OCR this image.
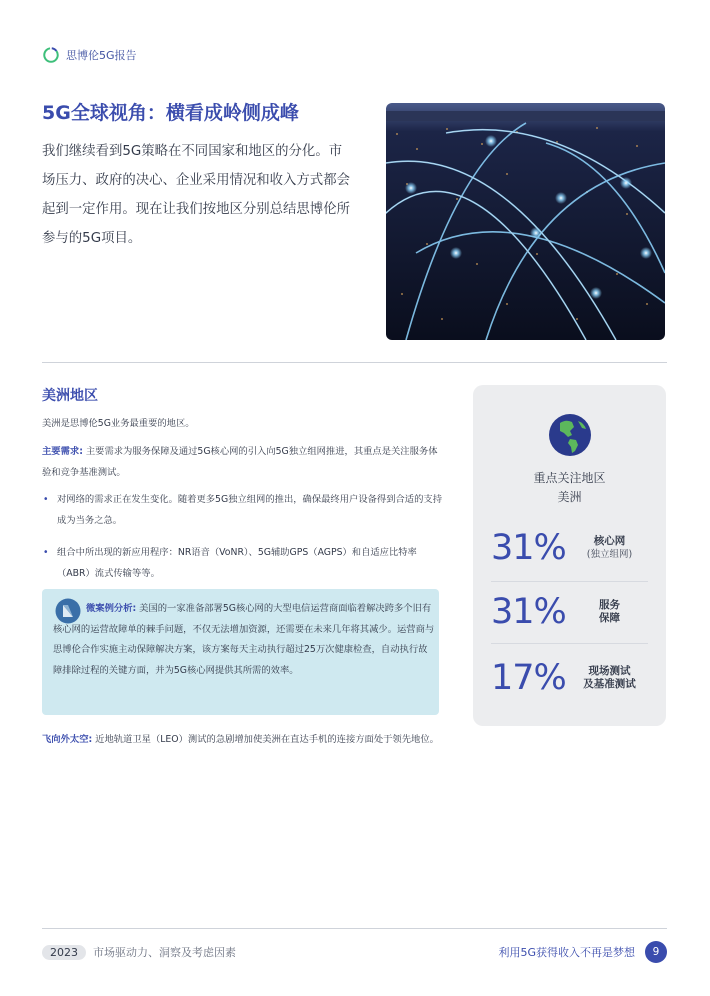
思博伦5G报告
5G全球视角：横看成岭侧成峰

我们继续看到5G策略在不同国家和地区的分化。市场压力、政府的决心、企业采用情况和收入方式都会起到一定作用。现在让我们按地区分别总结思博伦所参与的5G项目。

美洲地区

美洲是思博伦5G业务最重要的地区。

主要需求: 主要需求为服务保障及通过5G核心网的引入向5G独立组网推进，其重点是关注服务体验和竞争基准测试。

• 对网络的需求正在发生变化。随着更多5G独立组网的推出，确保最终用户设备得到合适的支持成为当务之急。
• 组合中所出现的新应用程序：NR语音（VoNR）、5G辅助GPS（AGPS）和自适应比特率（ABR）流式传输等等。

微案例分析: 美国的一家准备部署5G核心网的大型电信运营商面临着解决跨多个旧有核心网的运营故障单的棘手问题，不仅无法增加资源，还需要在未来几年将其减少。运营商与思博伦合作实施主动保障解决方案，该方案每天主动执行超过25万次健康检查，自动执行故障排除过程的关键方面，并为5G核心网提供其所需的效率。

飞向外太空: 近地轨道卫星（LEO）测试的急剧增加使美洲在直达手机的连接方面处于领先地位。

重点关注地区

美洲

31%	核心网
(独立组网)
31%	服务
保障
17%	现场测试
及基准测试
2023	市场驱动力、洞察及考虑因素	利用5G获得收入不再是梦想	9
